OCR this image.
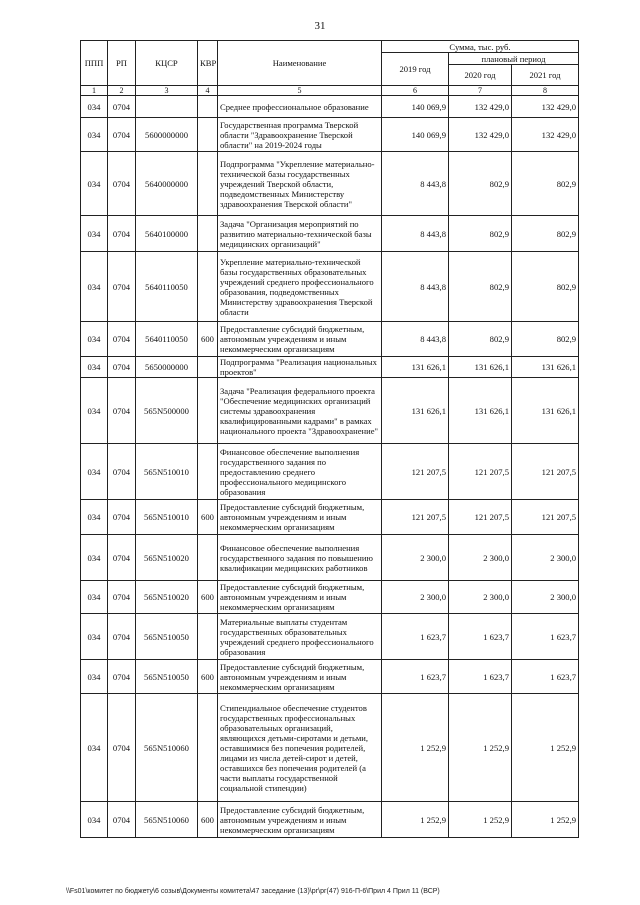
31
ППП	РП	КЦСР	КВР	Наименование	Сумма, тыс. руб.		
					2019 год	плановый период	
						2020 год	2021 год
1	2	3	4	5	6	7	8
034	0704			Среднее профессиональное образование	140 069,9	132 429,0	132 429,0
034	0704	5600000000		Государственная программа Тверской области "Здравоохранение Тверской области" на 2019-2024 годы	140 069,9	132 429,0	132 429,0
034	0704	5640000000		Подпрограмма "Укрепление материально-технической базы государственных учреждений Тверской области, подведомственных Министерству здравоохранения Тверской области"	8 443,8	802,9	802,9
034	0704	5640100000		Задача "Организация мероприятий по развитию материально-технической базы медицинских организаций"	8 443,8	802,9	802,9
034	0704	5640110050		Укрепление материально-технической базы государственных образовательных учреждений среднего профессионального образования, подведомственных Министерству здравоохранения Тверской области	8 443,8	802,9	802,9
034	0704	5640110050	600	Предоставление субсидий бюджетным, автономным учреждениям и иным некоммерческим организациям	8 443,8	802,9	802,9
034	0704	5650000000		Подпрограмма "Реализация национальных проектов"	131 626,1	131 626,1	131 626,1
034	0704	565N500000		Задача "Реализация федерального проекта "Обеспечение медицинских организаций системы здравоохранения квалифицированными кадрами" в рамках национального проекта "Здравоохранение"	131 626,1	131 626,1	131 626,1
034	0704	565N510010		Финансовое обеспечение выполнения государственного задания по предоставлению среднего профессионального медицинского образования	121 207,5	121 207,5	121 207,5
034	0704	565N510010	600	Предоставление субсидий бюджетным, автономным учреждениям и иным некоммерческим организациям	121 207,5	121 207,5	121 207,5
034	0704	565N510020		Финансовое обеспечение выполнения государственного задания по повышению квалификации медицинских работников	2 300,0	2 300,0	2 300,0
034	0704	565N510020	600	Предоставление субсидий бюджетным, автономным учреждениям и иным некоммерческим организациям	2 300,0	2 300,0	2 300,0
034	0704	565N510050		Материальные выплаты студентам государственных образовательных учреждений среднего профессионального образования	1 623,7	1 623,7	1 623,7
034	0704	565N510050	600	Предоставление субсидий бюджетным, автономным учреждениям и иным некоммерческим организациям	1 623,7	1 623,7	1 623,7
034	0704	565N510060		Стипендиальное обеспечение студентов государственных профессиональных образовательных организаций, являющихся детьми-сиротами и детьми, оставшимися без попечения родителей, лицами из числа детей-сирот и детей, оставшихся без попечения родителей (а части выплаты государственной социальной стипендии)	1 252,9	1 252,9	1 252,9
034	0704	565N510060	600	Предоставление субсидий бюджетным, автономным учреждениям и иным некоммерческим организациям	1 252,9	1 252,9	1 252,9
\\Fs01\комитет по бюджету\6 созыв\Документы комитета\47 заседание (13)\рг\рг(47) 916-П-6\Прил 4 Прил 11 (ВСР)
